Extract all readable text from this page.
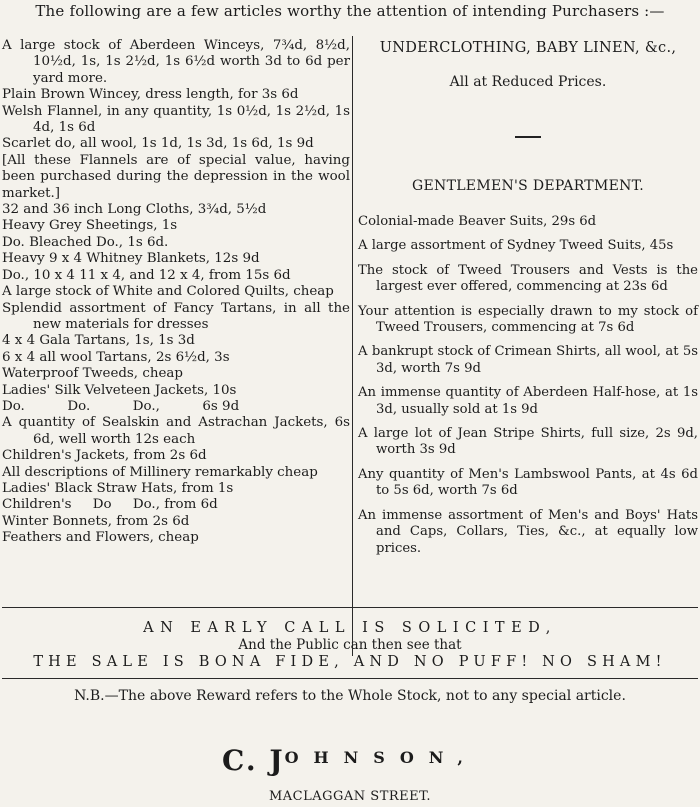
The following are a few articles worthy the attention of intending Purchasers :—
A large stock of Aberdeen Winceys, 7¾d, 8½d, 10½d, 1s, 1s 2½d, 1s 6½d worth 3d to 6d per yard more.
Plain Brown Wincey, dress length, for 3s 6d
Welsh Flannel, in any quantity, 1s 0½d, 1s 2½d, 1s 4d, 1s 6d
Scarlet do, all wool, 1s 1d, 1s 3d, 1s 6d, 1s 9d
[All these Flannels are of special value, having been purchased during the depression in the wool market.]
32 and 36 inch Long Cloths, 3¾d, 5½d
Heavy Grey Sheetings, 1s
Do. Bleached Do., 1s 6d.
Heavy 9 x 4 Whitney Blankets, 12s 9d
Do., 10 x 4 11 x 4, and 12 x 4, from 15s 6d
A large stock of White and Colored Quilts, cheap
Splendid assortment of Fancy Tartans, in all the new materials for dresses
4 x 4 Gala Tartans, 1s, 1s 3d
6 x 4 all wool Tartans, 2s 6½d, 3s
Waterproof Tweeds, cheap
Ladies' Silk Velveteen Jackets, 10s
Do.          Do.          Do.,          6s 9d
A quantity of Sealskin and Astrachan Jackets, 6s 6d, well worth 12s each
Children's Jackets, from 2s 6d
All descriptions of Millinery remarkably cheap
Ladies' Black Straw Hats, from 1s
Children's     Do     Do., from 6d
Winter Bonnets, from 2s 6d
Feathers and Flowers, cheap
UNDERCLOTHING, BABY LINEN, &c.,
All at Reduced Prices.
GENTLEMEN'S DEPARTMENT.
Colonial-made Beaver Suits, 29s 6d
A large assortment of Sydney Tweed Suits, 45s
The stock of Tweed Trousers and Vests is the largest ever offered, commencing at 23s 6d
Your attention is especially drawn to my stock of Tweed Trousers, commencing at 7s 6d
A bankrupt stock of Crimean Shirts, all wool, at 5s 3d, worth 7s 9d
An immense quantity of Aberdeen Half-hose, at 1s 3d, usually sold at 1s 9d
A large lot of Jean Stripe Shirts, full size, 2s 9d, worth 3s 9d
Any quantity of Men's Lambswool Pants, at 4s 6d to 5s 6d, worth 7s 6d
An immense assortment of Men's and Boys' Hats and Caps, Collars, Ties, &c., at equally low prices.
AN EARLY CALL IS SOLICITED,
And the Public can then see that
THE SALE IS BONA FIDE, AND NO PUFF! NO SHAM!
N.B.—The above Reward refers to the Whole Stock, not to any special article.
C. $J^{OHNSON,}$
MACLAGGAN STREET.
